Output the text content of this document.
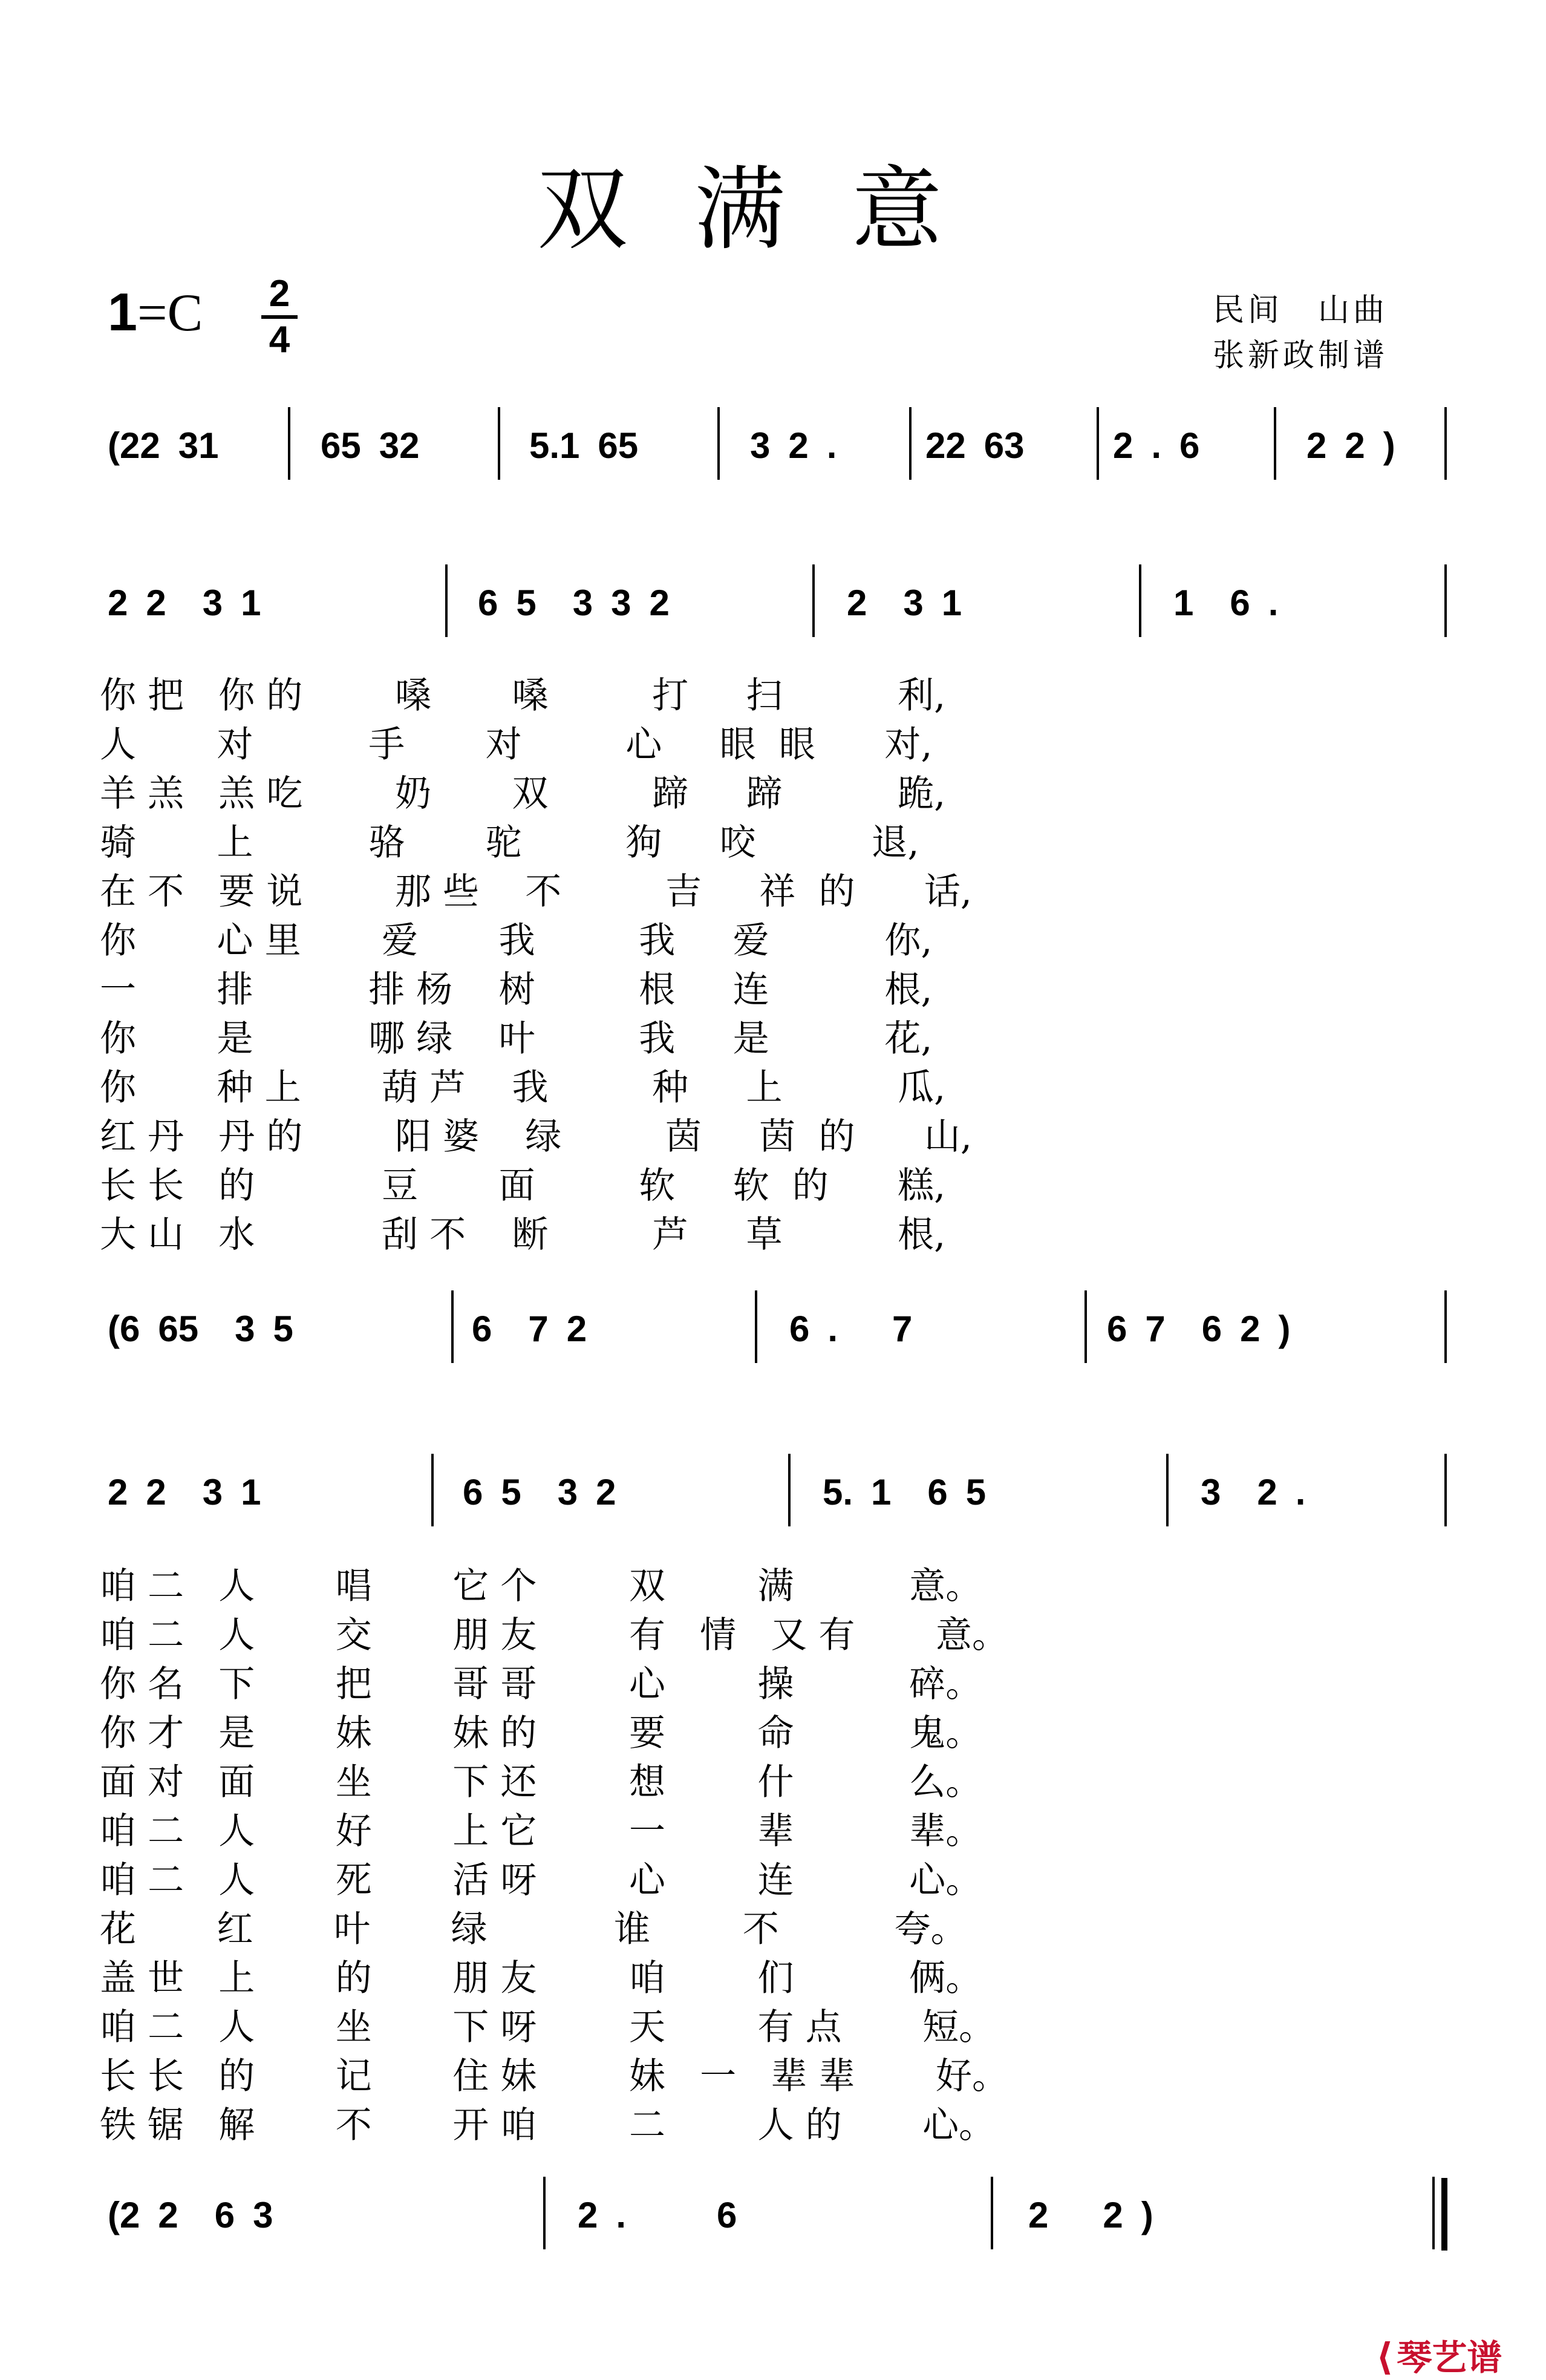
双满意
1=C 2
4
民间　山曲
张新政制谱
(22 31	65 32	5.1 65	3 2 . 22 63 2 . 6	2 2 )
2 2  3 1	6 5  3 3 2	2  3 1	1  6 .
(6 65  3 5	6  7 2	6 .   7	6 7  6 2 )
2 2  3 1	6 5  3 2	5. 1  6 5	3  2 .
(2 2  6 3	2 .     6	2   2 )
你 把   你 的        嗓       嗓         打     扫          利,
人       对          手       对         心     眼  眼      对,
羊 羔   羔 吃        奶       双         蹄     蹄          跪,
骑       上          骆       驼         狗     咬          退,
在 不   要 说        那 些    不         吉     祥  的      话,
你       心 里       爱       我         我     爱          你,
一       排          排 杨    树         根     连          根,
你       是          哪 绿    叶         我     是          花,
你       种 上       葫 芦    我         种     上          瓜,
红 丹   丹 的        阳 婆    绿         茵     茵  的      山,
长 长   的           豆       面         软     软  的      糕,
大 山   水           刮 不    断         芦     草          根,
咱 二   人       唱       它 个        双        满          意。
咱 二   人       交       朋 友        有   情   又 有       意。
你 名   下       把       哥 哥        心        操          碎。
你 才   是       妹       妹 的        要        命          鬼。
面 对   面       坐       下 还        想        什          么。
咱 二   人       好       上 它        一        辈          辈。
咱 二   人       死       活 呀        心        连          心。
花       红       叶       绿           谁        不          夸。
盖 世   上       的       朋 友        咱        们          俩。
咱 二   人       坐       下 呀        天        有 点       短。
长 长   的       记       住 妹        妹   一   辈 辈       好。
铁 锯   解       不       开 咱        二        人 的       心。
⟨ 琴艺谱
